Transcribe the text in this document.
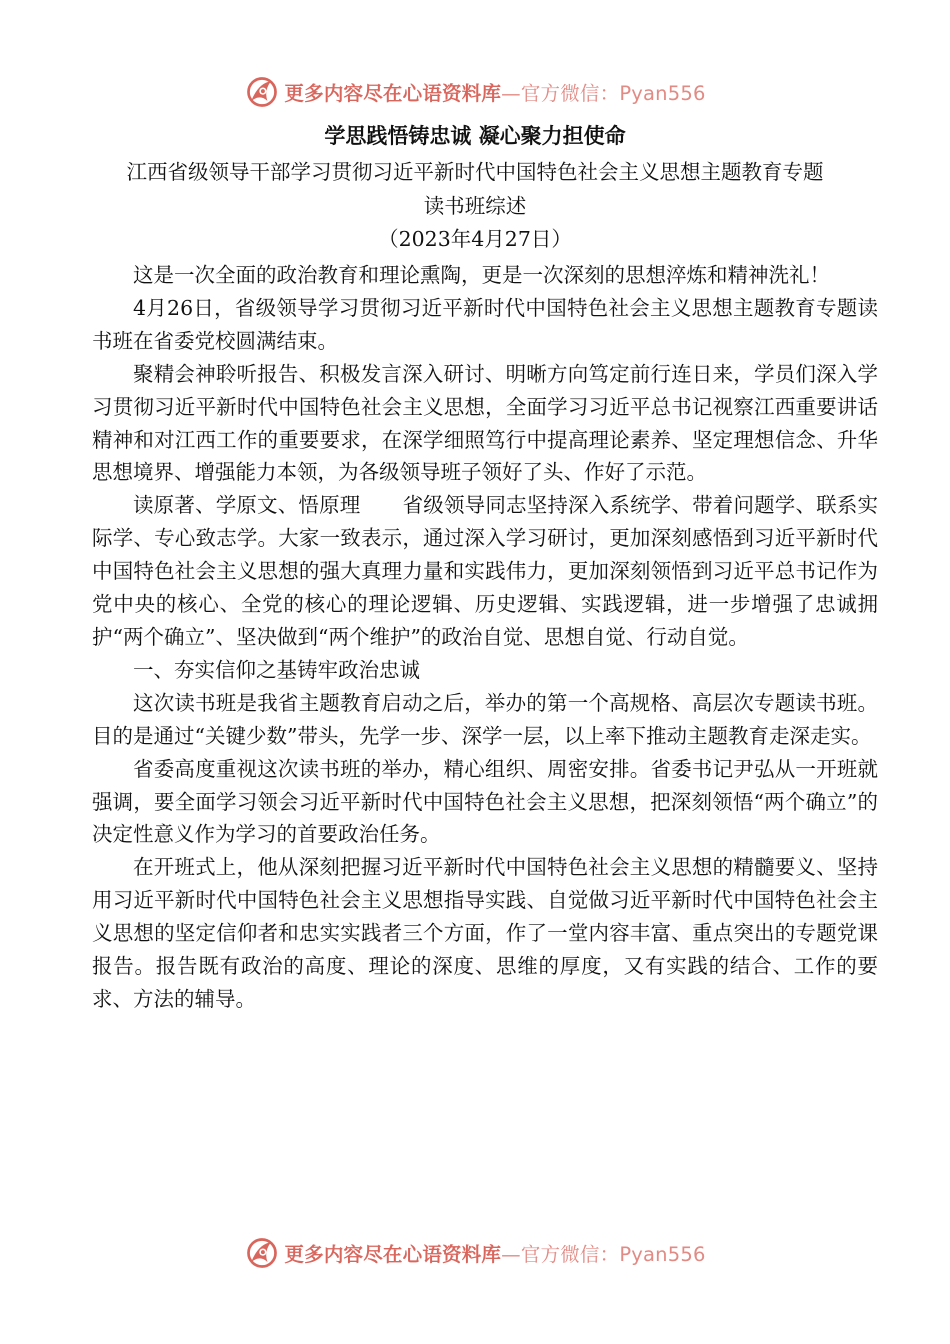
更多内容尽在心语资料库—官方微信：Pyan556
学思践悟铸忠诚 凝心聚力担使命
江西省级领导干部学习贯彻习近平新时代中国特色社会主义思想主题教育专题
读书班综述
（2023年4月27日）

这是一次全面的政治教育和理论熏陶，更是一次深刻的思想淬炼和精神洗礼！

4月26日，省级领导学习贯彻习近平新时代中国特色社会主义思想主题教育专题读书班在省委党校圆满结束。

聚精会神聆听报告、积极发言深入研讨、明晰方向笃定前行连日来，学员们深入学习贯彻习近平新时代中国特色社会主义思想，全面学习习近平总书记视察江西重要讲话精神和对江西工作的重要要求，在深学细照笃行中提高理论素养、坚定理想信念、升华思想境界、增强能力本领，为各级领导班子领好了头、作好了示范。

读原著、学原文、悟原理 省级领导同志坚持深入系统学、带着问题学、联系实际学、专心致志学。大家一致表示，通过深入学习研讨，更加深刻感悟到习近平新时代中国特色社会主义思想的强大真理力量和实践伟力，更加深刻领悟到习近平总书记作为党中央的核心、全党的核心的理论逻辑、历史逻辑、实践逻辑，进一步增强了忠诚拥护“两个确立”、坚决做到“两个维护”的政治自觉、思想自觉、行动自觉。

一、夯实信仰之基铸牢政治忠诚

这次读书班是我省主题教育启动之后，举办的第一个高规格、高层次专题读书班。目的是通过“关键少数”带头，先学一步、深学一层，以上率下推动主题教育走深走实。

省委高度重视这次读书班的举办，精心组织、周密安排。省委书记尹弘从一开班就强调，要全面学习领会习近平新时代中国特色社会主义思想，把深刻领悟“两个确立”的决定性意义作为学习的首要政治任务。

在开班式上，他从深刻把握习近平新时代中国特色社会主义思想的精髓要义、坚持用习近平新时代中国特色社会主义思想指导实践、自觉做习近平新时代中国特色社会主义思想的坚定信仰者和忠实实践者三个方面，作了一堂内容丰富、重点突出的专题党课报告。报告既有政治的高度、理论的深度、思维的厚度，又有实践的结合、工作的要求、方法的辅导。

更多内容尽在心语资料库—官方微信：Pyan556
